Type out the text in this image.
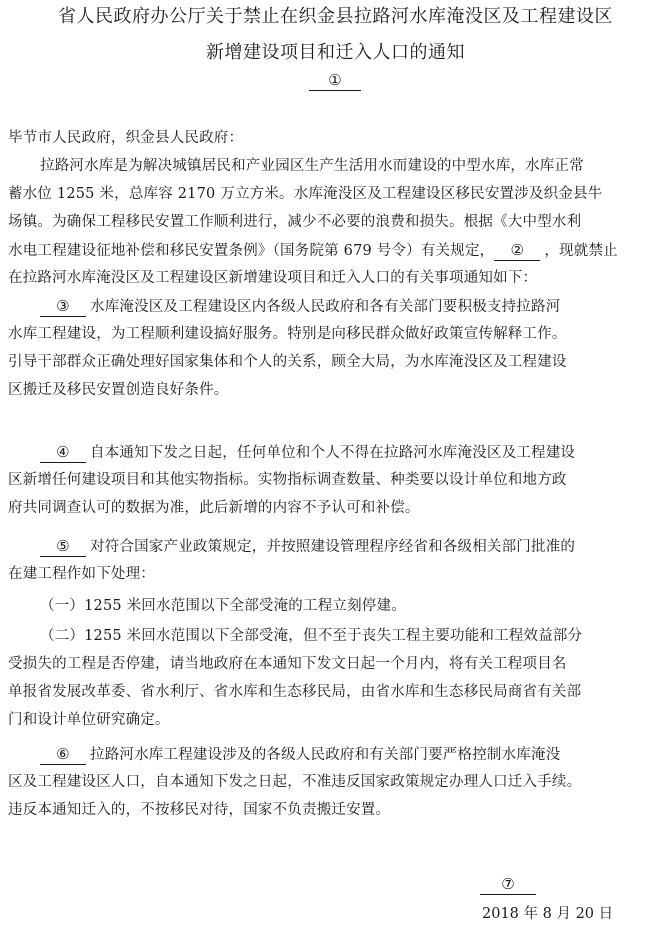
省人民政府办公厅关于禁止在织金县拉路河水库淹没区及工程建设区
新增建设项目和迁入人口的通知
①
毕节市人民政府，织金县人民政府：
拉路河水库是为解决城镇居民和产业园区生产生活用水而建设的中型水库，水库正常
蓄水位 1255 米，总库容 2170 万立方米。水库淹没区及工程建设区移民安置涉及织金县牛
场镇。为确保工程移民安置工作顺利进行，减少不必要的浪费和损失。根据《大中型水利
水电工程建设征地补偿和移民安置条例》（国务院第 679 号令）有关规定， ② ，现就禁止
在拉路河水库淹没区及工程建设区新增建设项目和迁入人口的有关事项通知如下：
③ 水库淹没区及工程建设区内各级人民政府和各有关部门要积极支持拉路河
水库工程建设，为工程顺利建设搞好服务。特别是向移民群众做好政策宣传解释工作。
引导干部群众正确处理好国家集体和个人的关系，顾全大局，为水库淹没区及工程建设
区搬迁及移民安置创造良好条件。
④ 自本通知下发之日起，任何单位和个人不得在拉路河水库淹没区及工程建设
区新增任何建设项目和其他实物指标。实物指标调查数量、种类要以设计单位和地方政
府共同调查认可的数据为准，此后新增的内容不予认可和补偿。
⑤ 对符合国家产业政策规定，并按照建设管理程序经省和各级相关部门批准的
在建工程作如下处理：
（一）1255 米回水范围以下全部受淹的工程立刻停建。
（二）1255 米回水范围以下全部受淹，但不至于丧失工程主要功能和工程效益部分
受损失的工程是否停建，请当地政府在本通知下发文日起一个月内，将有关工程项目名
单报省发展改革委、省水利厅、省水库和生态移民局，由省水库和生态移民局商省有关部
门和设计单位研究确定。
⑥ 拉路河水库工程建设涉及的各级人民政府和有关部门要严格控制水库淹没
区及工程建设区人口，自本通知下发之日起，不准违反国家政策规定办理人口迁入手续。
违反本通知迁入的，不按移民对待，国家不负责搬迁安置。
⑦
2018 年 8 月 20 日
